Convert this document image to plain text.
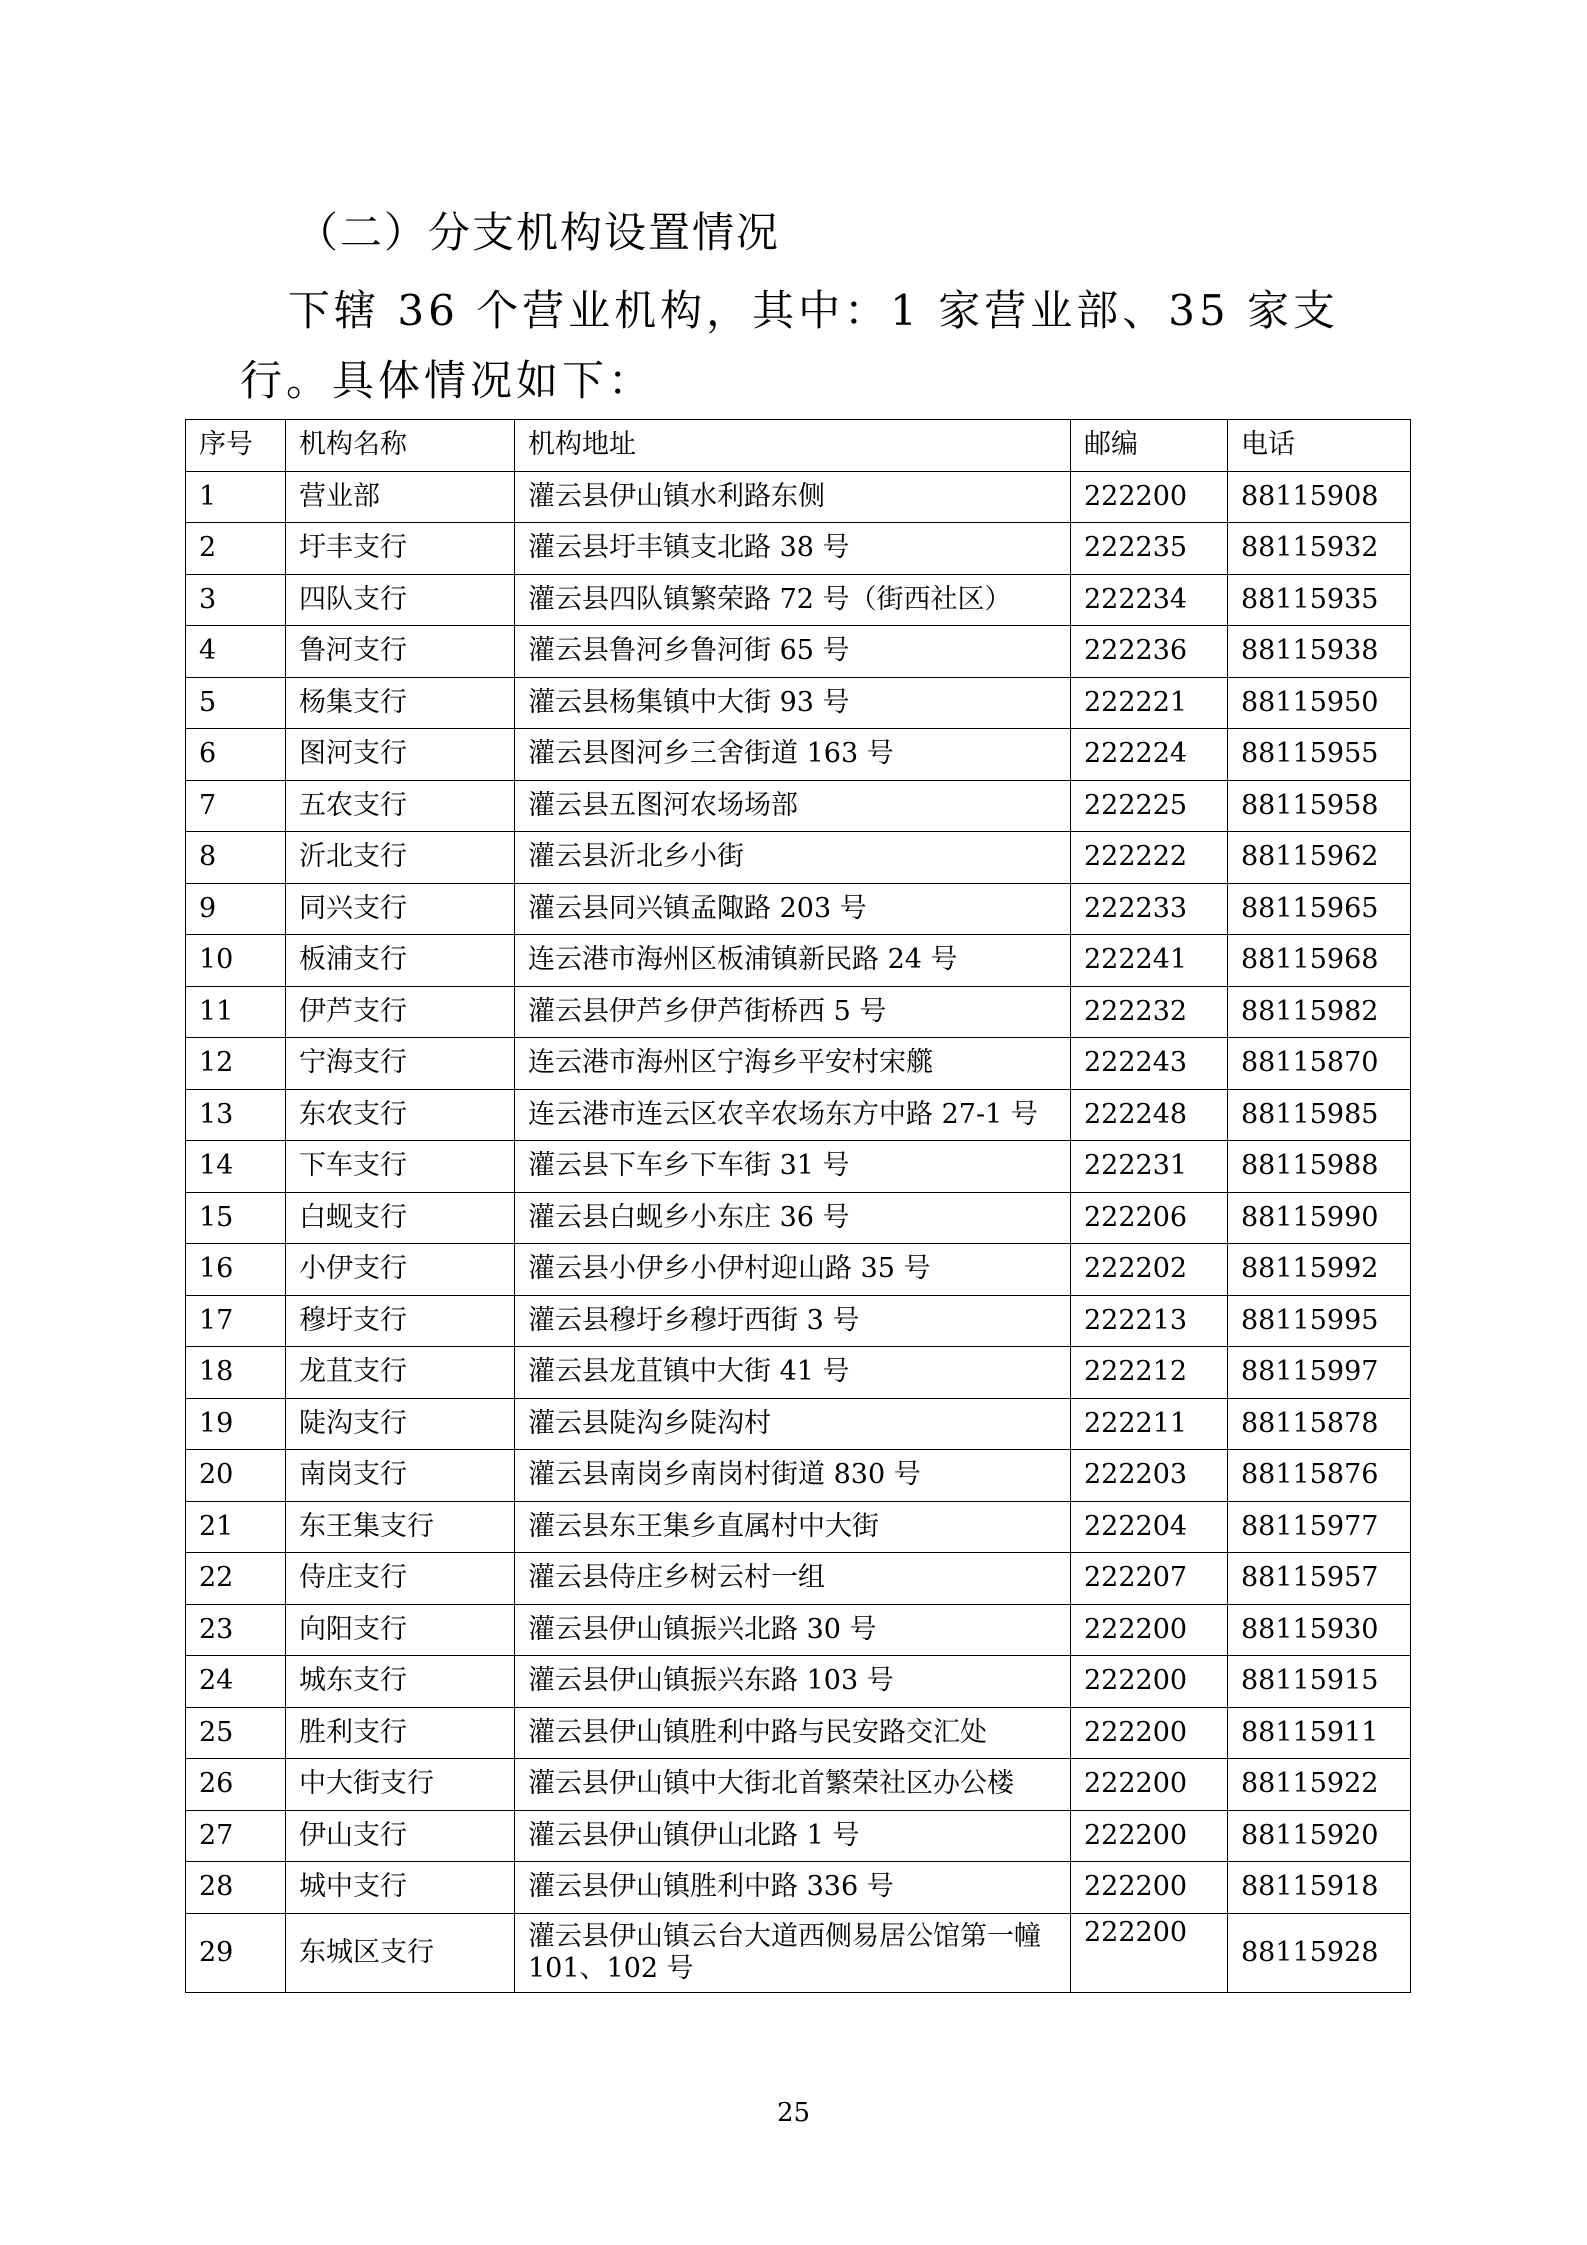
（二）分支机构设置情况
下辖 36 个营业机构，其中：1 家营业部、35 家支行。具体情况如下：
序号	机构名称	机构地址	邮编	电话
1	营业部	灌云县伊山镇水利路东侧	222200	88115908
2	圩丰支行	灌云县圩丰镇支北路 38 号	222235	88115932
3	四队支行	灌云县四队镇繁荣路 72 号（街西社区）	222234	88115935
4	鲁河支行	灌云县鲁河乡鲁河街 65 号	222236	88115938
5	杨集支行	灌云县杨集镇中大街 93 号	222221	88115950
6	图河支行	灌云县图河乡三舍街道 163 号	222224	88115955
7	五农支行	灌云县五图河农场场部	222225	88115958
8	沂北支行	灌云县沂北乡小街	222222	88115962
9	同兴支行	灌云县同兴镇孟陬路 203 号	222233	88115965
10	板浦支行	连云港市海州区板浦镇新民路 24 号	222241	88115968
11	伊芦支行	灌云县伊芦乡伊芦街桥西 5 号	222232	88115982
12	宁海支行	连云港市海州区宁海乡平安村宋艞	222243	88115870
13	东农支行	连云港市连云区农辛农场东方中路 27-1 号	222248	88115985
14	下车支行	灌云县下车乡下车街 31 号	222231	88115988
15	白蚬支行	灌云县白蚬乡小东庄 36 号	222206	88115990
16	小伊支行	灌云县小伊乡小伊村迎山路 35 号	222202	88115992
17	穆圩支行	灌云县穆圩乡穆圩西街 3 号	222213	88115995
18	龙苴支行	灌云县龙苴镇中大街 41 号	222212	88115997
19	陡沟支行	灌云县陡沟乡陡沟村	222211	88115878
20	南岗支行	灌云县南岗乡南岗村街道 830 号	222203	88115876
21	东王集支行	灌云县东王集乡直属村中大街	222204	88115977
22	侍庄支行	灌云县侍庄乡树云村一组	222207	88115957
23	向阳支行	灌云县伊山镇振兴北路 30 号	222200	88115930
24	城东支行	灌云县伊山镇振兴东路 103 号	222200	88115915
25	胜利支行	灌云县伊山镇胜利中路与民安路交汇处	222200	88115911
26	中大街支行	灌云县伊山镇中大街北首繁荣社区办公楼	222200	88115922
27	伊山支行	灌云县伊山镇伊山北路 1 号	222200	88115920
28	城中支行	灌云县伊山镇胜利中路 336 号	222200	88115918
29	东城区支行	灌云县伊山镇云台大道西侧易居公馆第一幢 101、102 号	222200	88115928
25
